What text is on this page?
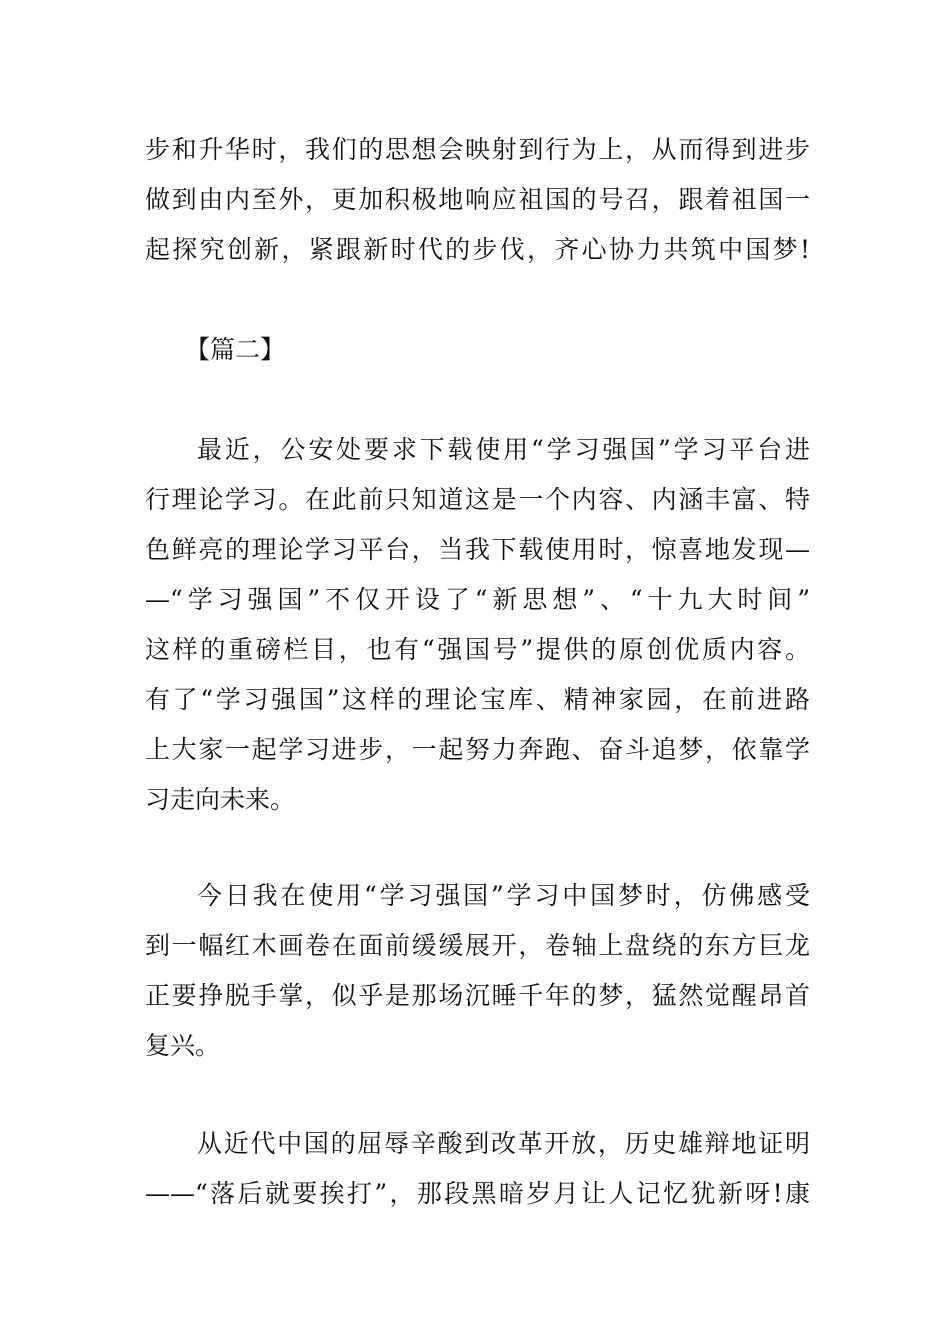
步和升华时，我们的思想会映射到行为上，从而得到进步
做到由内至外，更加积极地响应祖国的号召，跟着祖国一
起探究创新，紧跟新时代的步伐，齐心协力共筑中国梦!
【篇二】
最近，公安处要求下载使用“学习强国”学习平台进
行理论学习。在此前只知道这是一个内容、内涵丰富、特
色鲜亮的理论学习平台，当我下载使用时，惊喜地发现—
—“学习强国”不仅开设了“新思想”、“十九大时间”
这样的重磅栏目，也有“强国号”提供的原创优质内容。
有了“学习强国”这样的理论宝库、精神家园，在前进路
上大家一起学习进步，一起努力奔跑、奋斗追梦，依靠学
习走向未来。
今日我在使用“学习强国”学习中国梦时，仿佛感受
到一幅红木画卷在面前缓缓展开，卷轴上盘绕的东方巨龙
正要挣脱手掌，似乎是那场沉睡千年的梦，猛然觉醒昂首
复兴。
从近代中国的屈辱辛酸到改革开放，历史雄辩地证明
——“落后就要挨打”，那段黑暗岁月让人记忆犹新呀!康
